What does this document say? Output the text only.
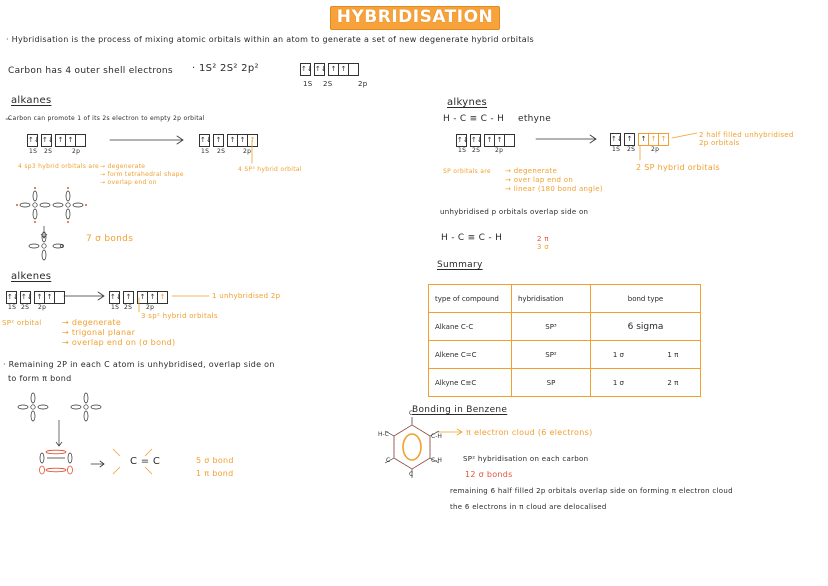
HYBRIDISATION
· Hybridisation is the process of mixing atomic orbitals within an atom to generate a set of new degenerate hybrid orbitals
Carbon has 4 outer shell electrons · 1S² 2S² 2p²	↑↓ ↑↓ ↑ ↑
1S 2S	2p
alkanes
Carbon can promote 1 of its 2s electron to empty 2p orbital
↑↓ ↑↓ ↑ ↑
1S 2S	2p
↑↓ ↑ ↑ ↑ ↑
1S 2S	2p
4 SP³ hybrid orbital
4 sp3 hybrid orbitals are → degenerate
→ form tetrahedral shape
→ overlap end on
7 σ bonds
alkenes
↑↓ ↑↓ ↑ ↑
1S 2S 2p
↑↓ ↑ ↑ ↑ ↑
1S 2S 2p
1 unhybridised 2p
3 sp² hybrid orbitals
SP² orbital	→ degenerate
→ trigonal planar
→ overlap end on (σ bond)
· Remaining 2P in each C atom is unhybridised, overlap side on
to form π bond
C = C	5 σ bond
1 π bond
alkynes
H - C ≡ C - H ethyne
↑↓ ↑↓ ↑ ↑
1S 2S 2p
↑↓ ↑ ↑ ↑ ↑
1S 2S	2p
2 half filled unhybridised 2p orbitals
2 SP hybrid orbitals
SP orbitals are → degenerate
→ over lap end on
→ linear (180 bond angle)
unhybridised p orbitals overlap side on
H - C ≡ C - H	2 π
3 σ
Summary
type of compound	hybridisation	bond type	
Alkane C-C	SP³	6 sigma	
Alkene C=C	SP²	1 σ	1 π
Alkyne C≡C	SP	1 σ	2 π
Bonding in Benzene
π electron cloud (6 electrons)
SP² hybridisation on each carbon
12 σ bonds
remaining 6 half filled 2p orbitals overlap side on forming π electron cloud
the 6 electrons in π cloud are delocalised
C
H-C	C-H
C-H
C
C
